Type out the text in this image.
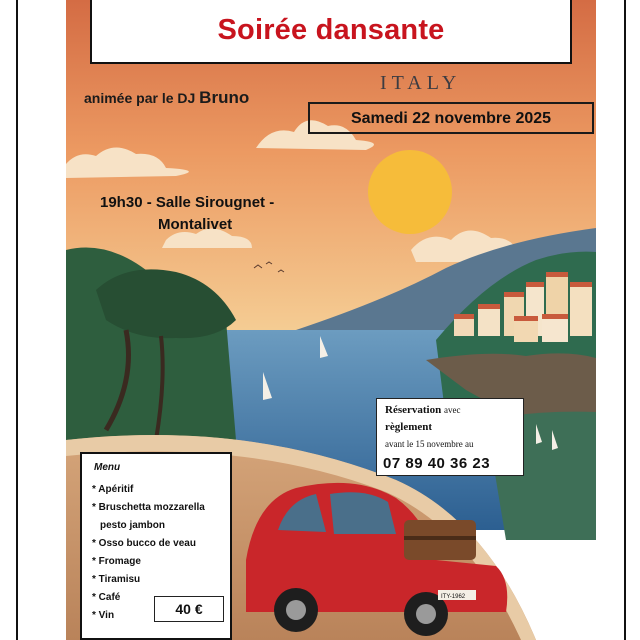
ITY-1962
Soirée dansante
ITALY
animée par le DJ Bruno
Samedi 22 novembre 2025
19h30 - Salle Sirougnet -
Montalivet
Réservation avec
règlement
avant le 15 novembre au
07 89 40 36 23
Menu
* Apéritif
* Bruschetta mozzarella
pesto jambon
* Osso bucco de veau
* Fromage
* Tiramisu
* Café
* Vin	40 €
